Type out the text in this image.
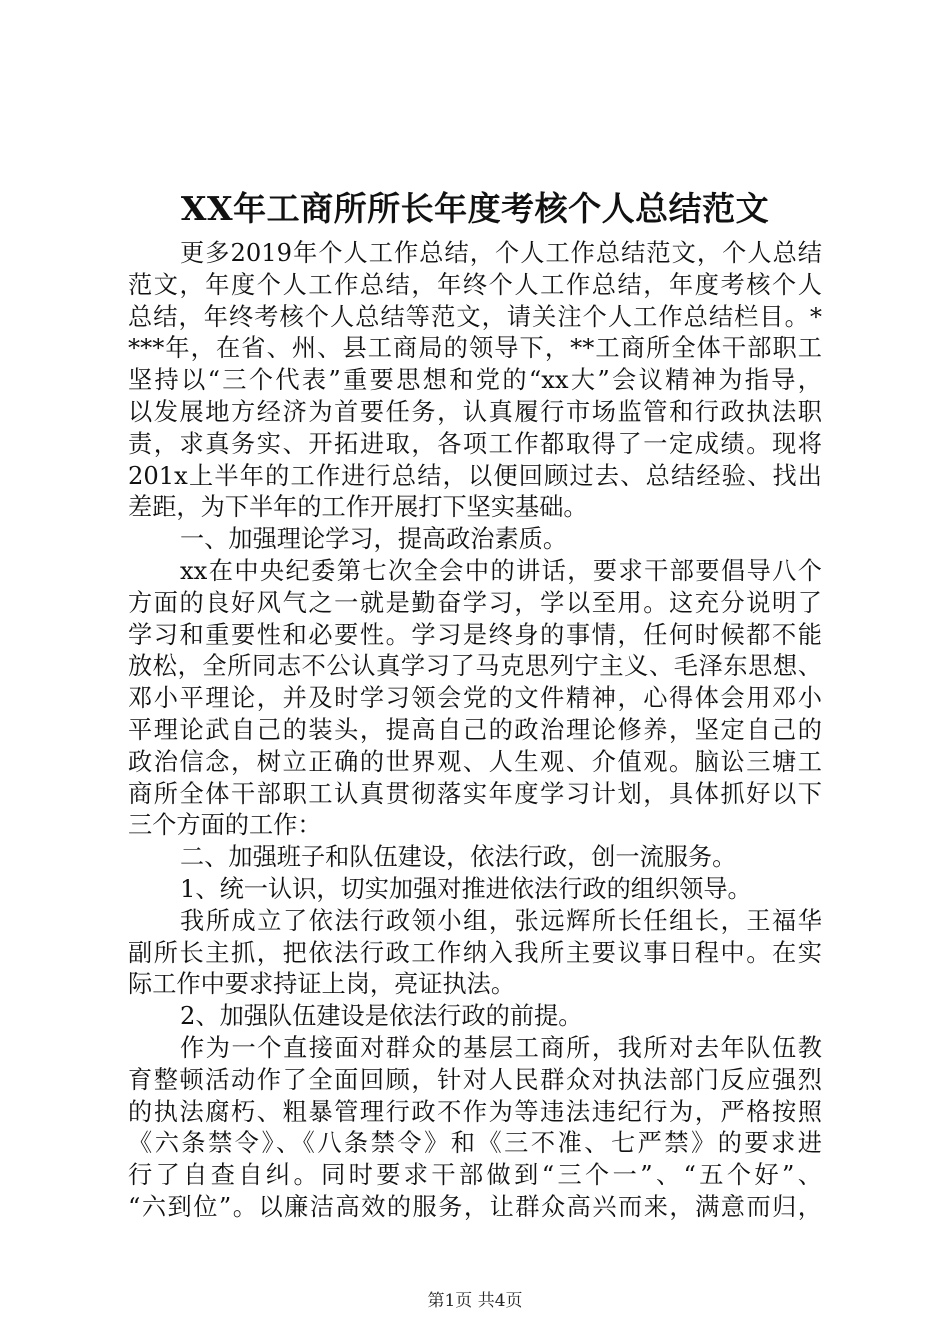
XX年工商所所长年度考核个人总结范文
更多2019年个人工作总结，个人工作总结范文，个人总结
范文，年度个人工作总结，年终个人工作总结，年度考核个人
总结，年终考核个人总结等范文，请关注个人工作总结栏目。*
***年，在省、州、县工商局的领导下，**工商所全体干部职工
坚持以“三个代表”重要思想和党的“xx大”会议精神为指导，
以发展地方经济为首要任务，认真履行市场监管和行政执法职
责，求真务实、开拓进取，各项工作都取得了一定成绩。现将
201x上半年的工作进行总结，以便回顾过去、总结经验、找出
差距，为下半年的工作开展打下坚实基础。
一、加强理论学习，提高政治素质。
xx在中央纪委第七次全会中的讲话，要求干部要倡导八个
方面的良好风气之一就是勤奋学习，学以至用。这充分说明了
学习和重要性和必要性。学习是终身的事情，任何时候都不能
放松，全所同志不公认真学习了马克思列宁主义、毛泽东思想、
邓小平理论，并及时学习领会党的文件精神，心得体会用邓小
平理论武自己的装头，提高自己的政治理论修养，坚定自己的
政治信念，树立正确的世界观、人生观、介值观。脑讼三塘工
商所全体干部职工认真贯彻落实年度学习计划，具体抓好以下
三个方面的工作：
二、加强班子和队伍建设，依法行政，创一流服务。
1、统一认识，切实加强对推进依法行政的组织领导。
我所成立了依法行政领小组，张远辉所长任组长，王福华
副所长主抓，把依法行政工作纳入我所主要议事日程中。在实
际工作中要求持证上岗，亮证执法。
2、加强队伍建设是依法行政的前提。
作为一个直接面对群众的基层工商所，我所对去年队伍教
育整顿活动作了全面回顾，针对人民群众对执法部门反应强烈
的执法腐朽、粗暴管理行政不作为等违法违纪行为，严格按照
《六条禁令》、《八条禁令》和《三不准、七严禁》的要求进
行了自查自纠。同时要求干部做到“三个一”、“五个好”、
“六到位”。以廉洁高效的服务，让群众高兴而来，满意而归，
第1页 共4页
